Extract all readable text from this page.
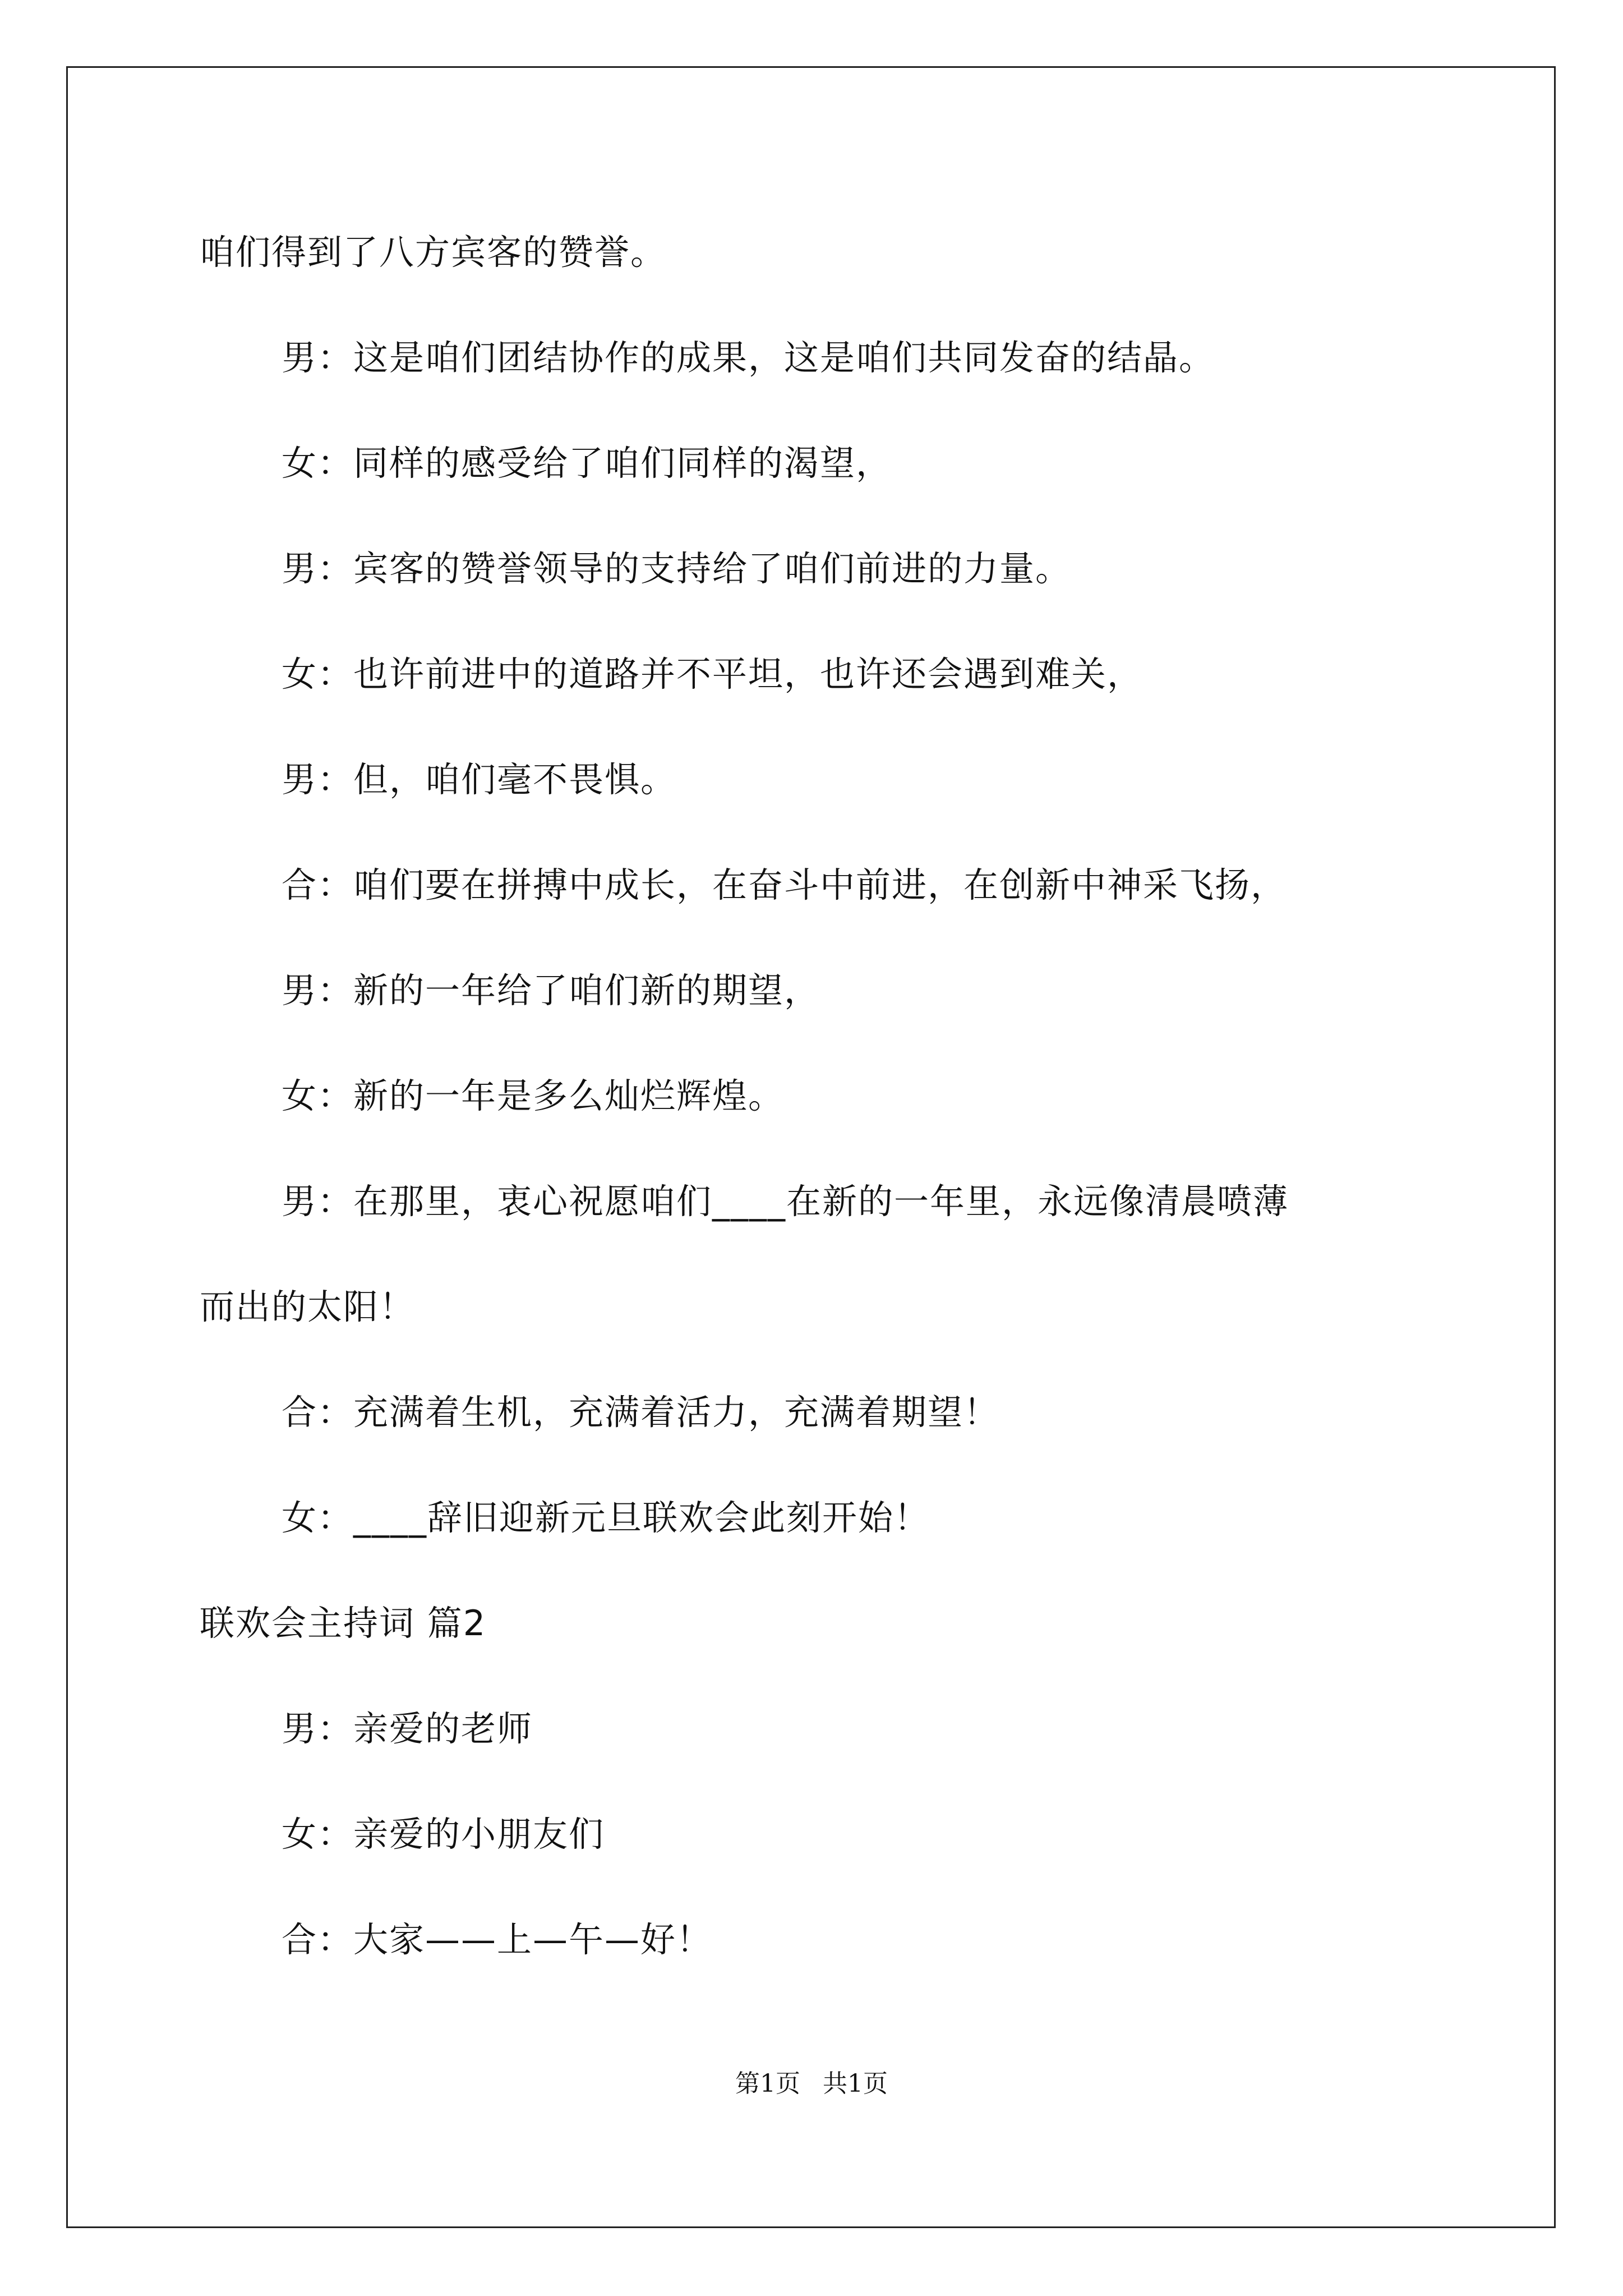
咱们得到了八方宾客的赞誉。
男：这是咱们团结协作的成果，这是咱们共同发奋的结晶。
女：同样的感受给了咱们同样的渴望，
男：宾客的赞誉领导的支持给了咱们前进的力量。
女：也许前进中的道路并不平坦，也许还会遇到难关，
男：但，咱们毫不畏惧。
合：咱们要在拼搏中成长，在奋斗中前进，在创新中神采飞扬，
男：新的一年给了咱们新的期望，
女：新的一年是多么灿烂辉煌。
男：在那里，衷心祝愿咱们____在新的一年里，永远像清晨喷薄
而出的太阳！
合：充满着生机，充满着活力，充满着期望！
女：____辞旧迎新元旦联欢会此刻开始！
联欢会主持词 篇2
男：亲爱的老师
女：亲爱的小朋友们
合：大家——上—午—好！
第1页 共1页
